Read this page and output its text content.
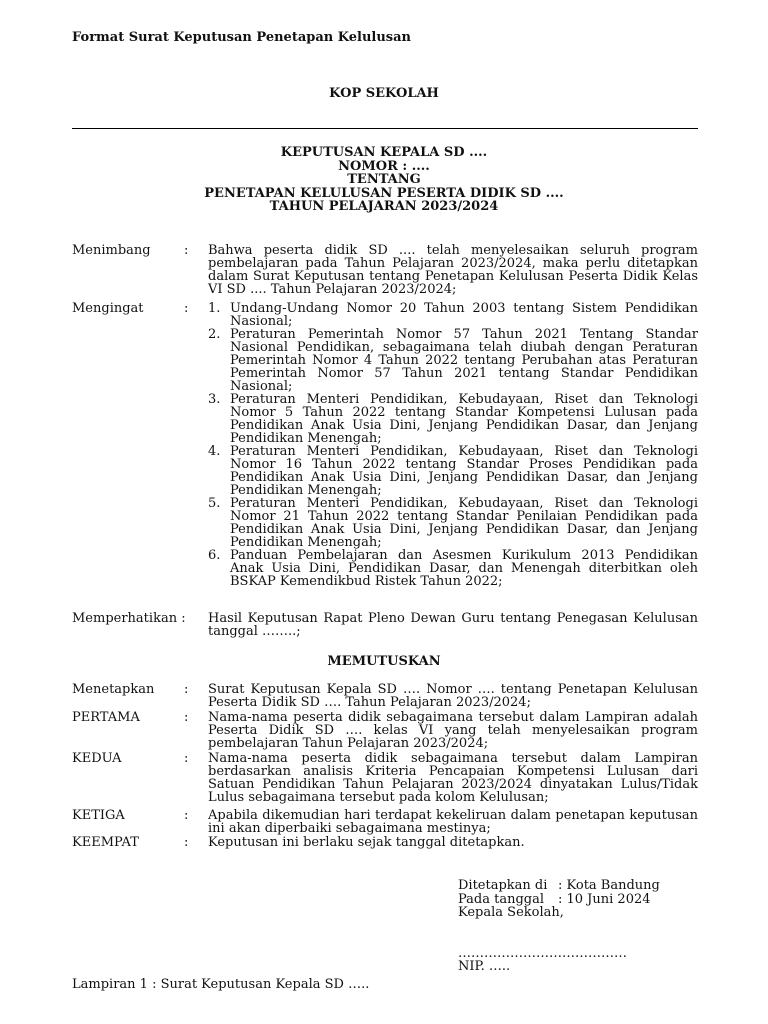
Format Surat Keputusan Penetapan Kelulusan
KOP SEKOLAH
KEPUTUSAN KEPALA SD ....
NOMOR : ....
TENTANG
PENETAPAN KELULUSAN PESERTA DIDIK SD ....
TAHUN PELAJARAN 2023/2024
Menimbang	: Bahwa peserta didik SD .... telah menyelesaikan seluruh program pembelajaran pada Tahun Pelajaran 2023/2024, maka perlu ditetapkan dalam Surat Keputusan tentang Penetapan Kelulusan Peserta Didik Kelas VI SD .... Tahun Pelajaran 2023/2024;
Mengingat	: 1. Undang-Undang Nomor 20 Tahun 2003 tentang Sistem Pendidikan Nasional;
2. Peraturan Pemerintah Nomor 57 Tahun 2021 Tentang Standar Nasional Pendidikan, sebagaimana telah diubah dengan Peraturan Pemerintah Nomor 4 Tahun 2022 tentang Perubahan atas Peraturan Pemerintah Nomor 57 Tahun 2021 tentang Standar Pendidikan Nasional;
3. Peraturan Menteri Pendidikan, Kebudayaan, Riset dan Teknologi Nomor 5 Tahun 2022 tentang Standar Kompetensi Lulusan pada Pendidikan Anak Usia Dini, Jenjang Pendidikan Dasar, dan Jenjang Pendidikan Menengah;
4. Peraturan Menteri Pendidikan, Kebudayaan, Riset dan Teknologi Nomor 16 Tahun 2022 tentang Standar Proses Pendidikan pada Pendidikan Anak Usia Dini, Jenjang Pendidikan Dasar, dan Jenjang Pendidikan Menengah;
5. Peraturan Menteri Pendidikan, Kebudayaan, Riset dan Teknologi Nomor 21 Tahun 2022 tentang Standar Penilaian Pendidikan pada Pendidikan Anak Usia Dini, Jenjang Pendidikan Dasar, dan Jenjang Pendidikan Menengah;
6. Panduan Pembelajaran dan Asesmen Kurikulum 2013 Pendidikan Anak Usia Dini, Pendidikan Dasar, dan Menengah diterbitkan oleh BSKAP Kemendikbud Ristek Tahun 2022;
Memperhatikan : Hasil Keputusan Rapat Pleno Dewan Guru tentang Penegasan Kelulusan tanggal ……..;
MEMUTUSKAN
Menetapkan : Surat Keputusan Kepala SD …. Nomor …. tentang Penetapan Kelulusan Peserta Didik SD …. Tahun Pelajaran 2023/2024;
PERTAMA	: Nama-nama peserta didik sebagaimana tersebut dalam Lampiran adalah Peserta Didik SD …. kelas VI yang telah menyelesaikan program pembelajaran Tahun Pelajaran 2023/2024;
KEDUA	: Nama-nama peserta didik sebagaimana tersebut dalam Lampiran berdasarkan analisis Kriteria Pencapaian Kompetensi Lulusan dari Satuan Pendidikan Tahun Pelajaran 2023/2024 dinyatakan Lulus/Tidak Lulus sebagaimana tersebut pada kolom Kelulusan;
KETIGA	: Apabila dikemudian hari terdapat kekeliruan dalam penetapan keputusan ini akan diperbaiki sebagaimana mestinya;
KEEMPAT	: Keputusan ini berlaku sejak tanggal ditetapkan.
Ditetapkan di : Kota Bandung
Pada tanggal : 10 Juni 2024
Kepala Sekolah,
…………………………………
NIP. …..
Lampiran 1 : Surat Keputusan Kepala SD …..
